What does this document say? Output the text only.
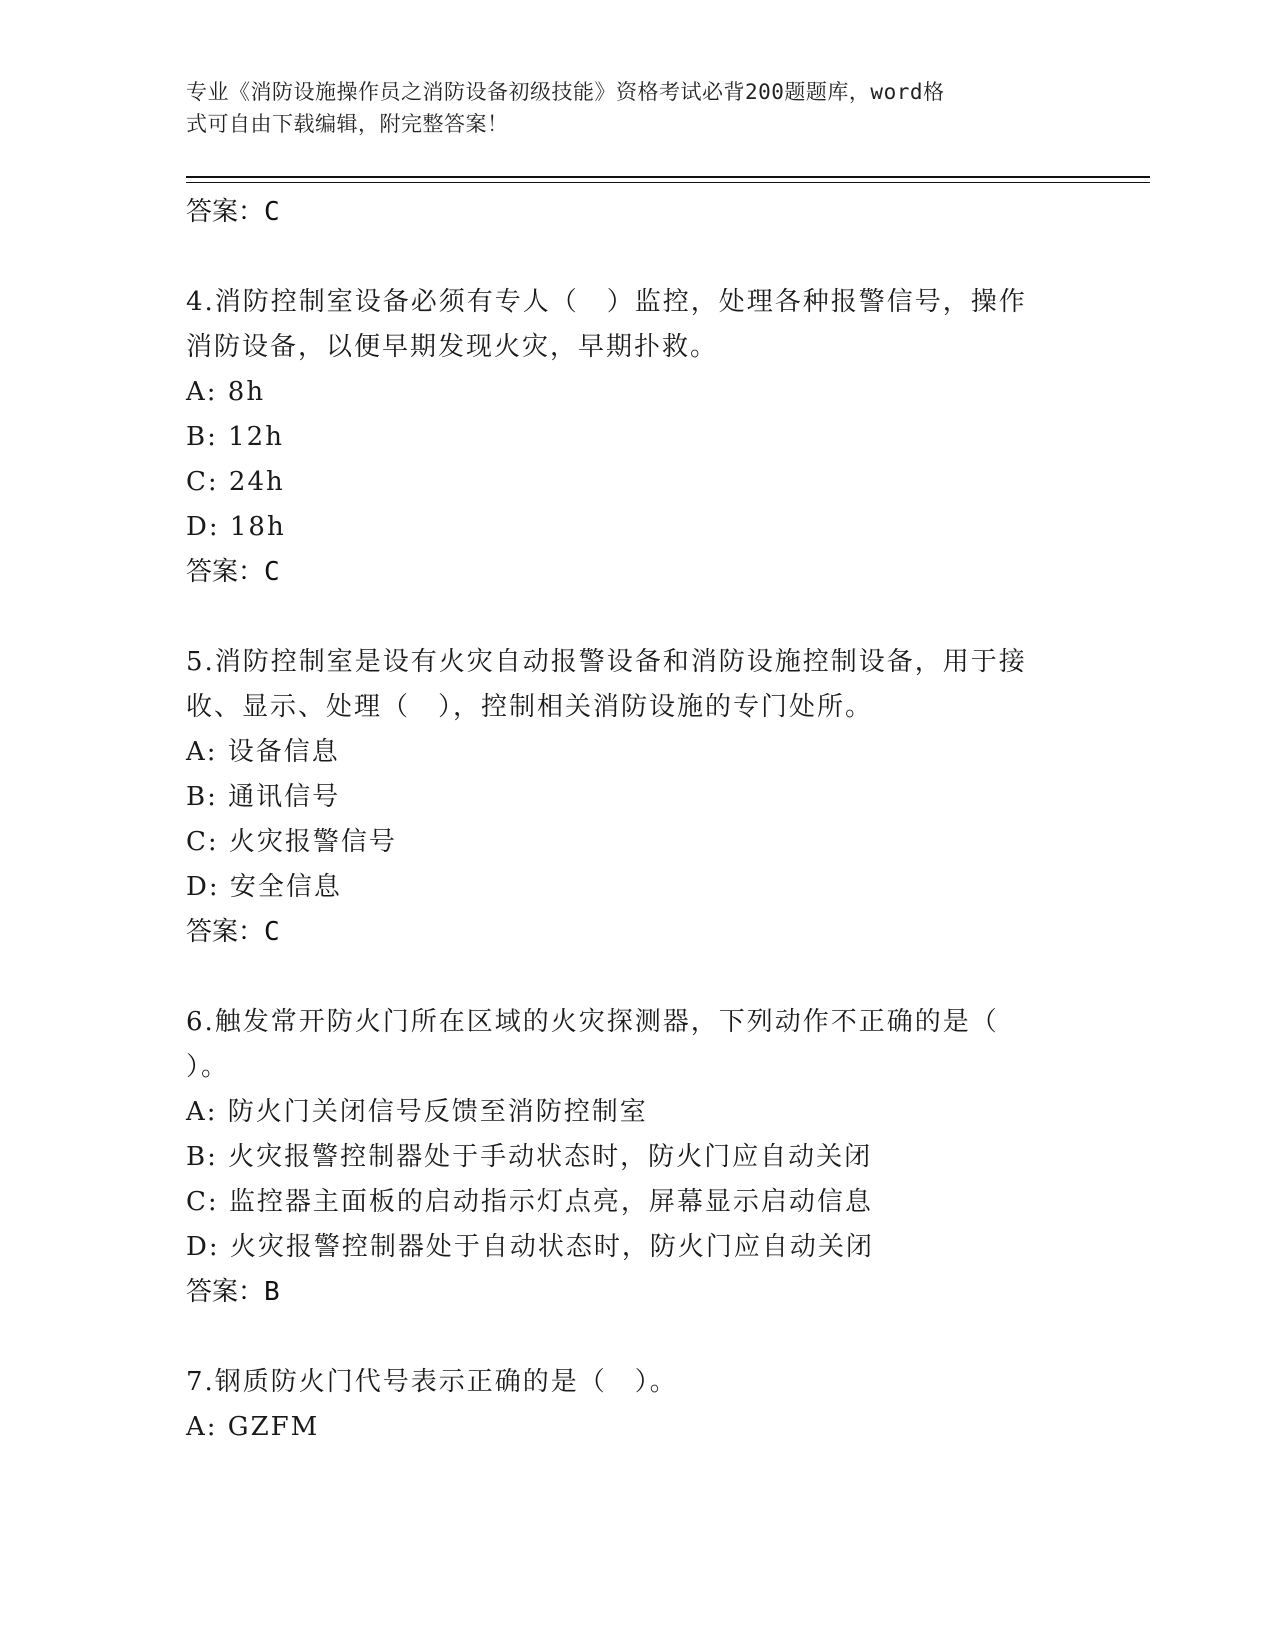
专业《消防设施操作员之消防设备初级技能》资格考试必背200题题库，word格
式可自由下载编辑，附完整答案！
答案：C
4.消防控制室设备必须有专人（　）监控，处理各种报警信号，操作
消防设备，以便早期发现火灾，早期扑救。
A: 8h
B: 12h
C: 24h
D: 18h
答案：C
5.消防控制室是设有火灾自动报警设备和消防设施控制设备，用于接
收、显示、处理（　），控制相关消防设施的专门处所。
A: 设备信息
B: 通讯信号
C: 火灾报警信号
D: 安全信息
答案：C
6.触发常开防火门所在区域的火灾探测器，下列动作不正确的是（
）。
A: 防火门关闭信号反馈至消防控制室
B: 火灾报警控制器处于手动状态时，防火门应自动关闭
C: 监控器主面板的启动指示灯点亮，屏幕显示启动信息
D: 火灾报警控制器处于自动状态时，防火门应自动关闭
答案：B
7.钢质防火门代号表示正确的是（　）。
A: GZFM
